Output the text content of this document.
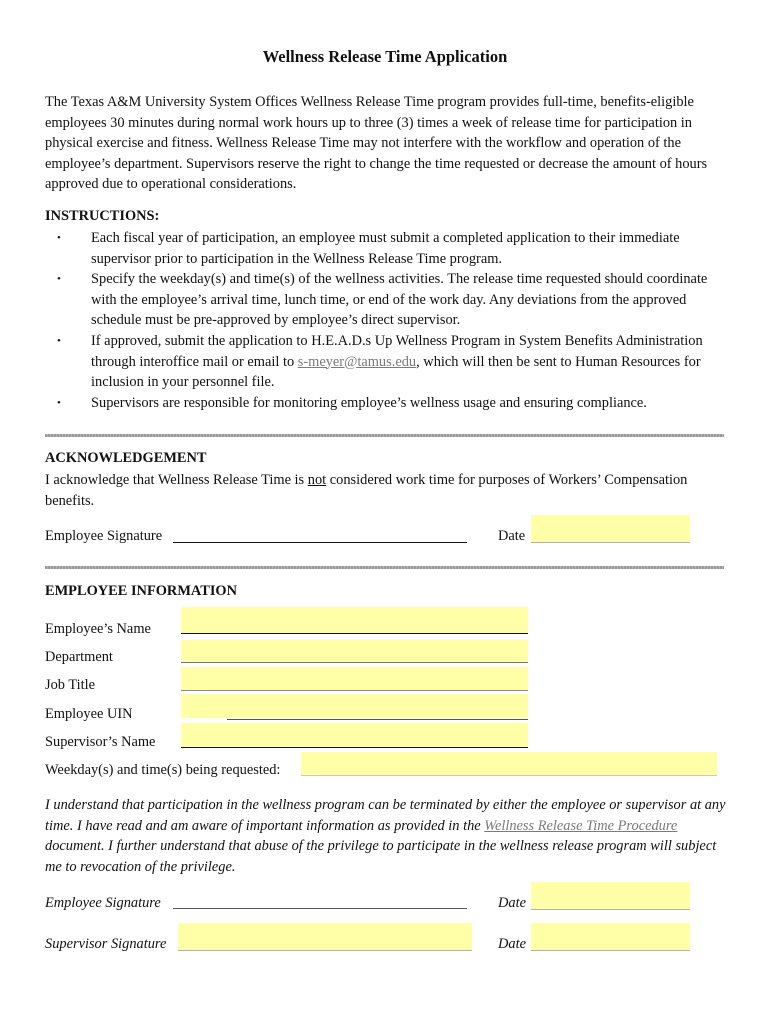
Wellness Release Time Application
The Texas A&M University System Offices Wellness Release Time program provides full-time, benefits-eligible employees 30 minutes during normal work hours up to three (3) times a week of release time for participation in physical exercise and fitness. Wellness Release Time may not interfere with the workflow and operation of the employee’s department. Supervisors reserve the right to change the time requested or decrease the amount of hours approved due to operational considerations.
INSTRUCTIONS:
• Each fiscal year of participation, an employee must submit a completed application to their immediate supervisor prior to participation in the Wellness Release Time program.
• Specify the weekday(s) and time(s) of the wellness activities. The release time requested should coordinate with the employee’s arrival time, lunch time, or end of the work day. Any deviations from the approved schedule must be pre-approved by employee’s direct supervisor.
• If approved, submit the application to H.E.A.D.s Up Wellness Program in System Benefits Administration through interoffice mail or email to s-meyer@tamus.edu, which will then be sent to Human Resources for inclusion in your personnel file.
• Supervisors are responsible for monitoring employee’s wellness usage and ensuring compliance.
ACKNOWLEDGEMENT
I acknowledge that Wellness Release Time is not considered work time for purposes of Workers’ Compensation benefits.
Employee Signature	Date
EMPLOYEE INFORMATION
Employee’s Name
Department
Job Title
Employee UIN
Supervisor’s Name
Weekday(s) and time(s) being requested:
I understand that participation in the wellness program can be terminated by either the employee or supervisor at any time. I have read and am aware of important information as provided in the Wellness Release Time Procedure document. I further understand that abuse of the privilege to participate in the wellness release program will subject me to revocation of the privilege.
Employee Signature	Date
Supervisor Signature	Date
